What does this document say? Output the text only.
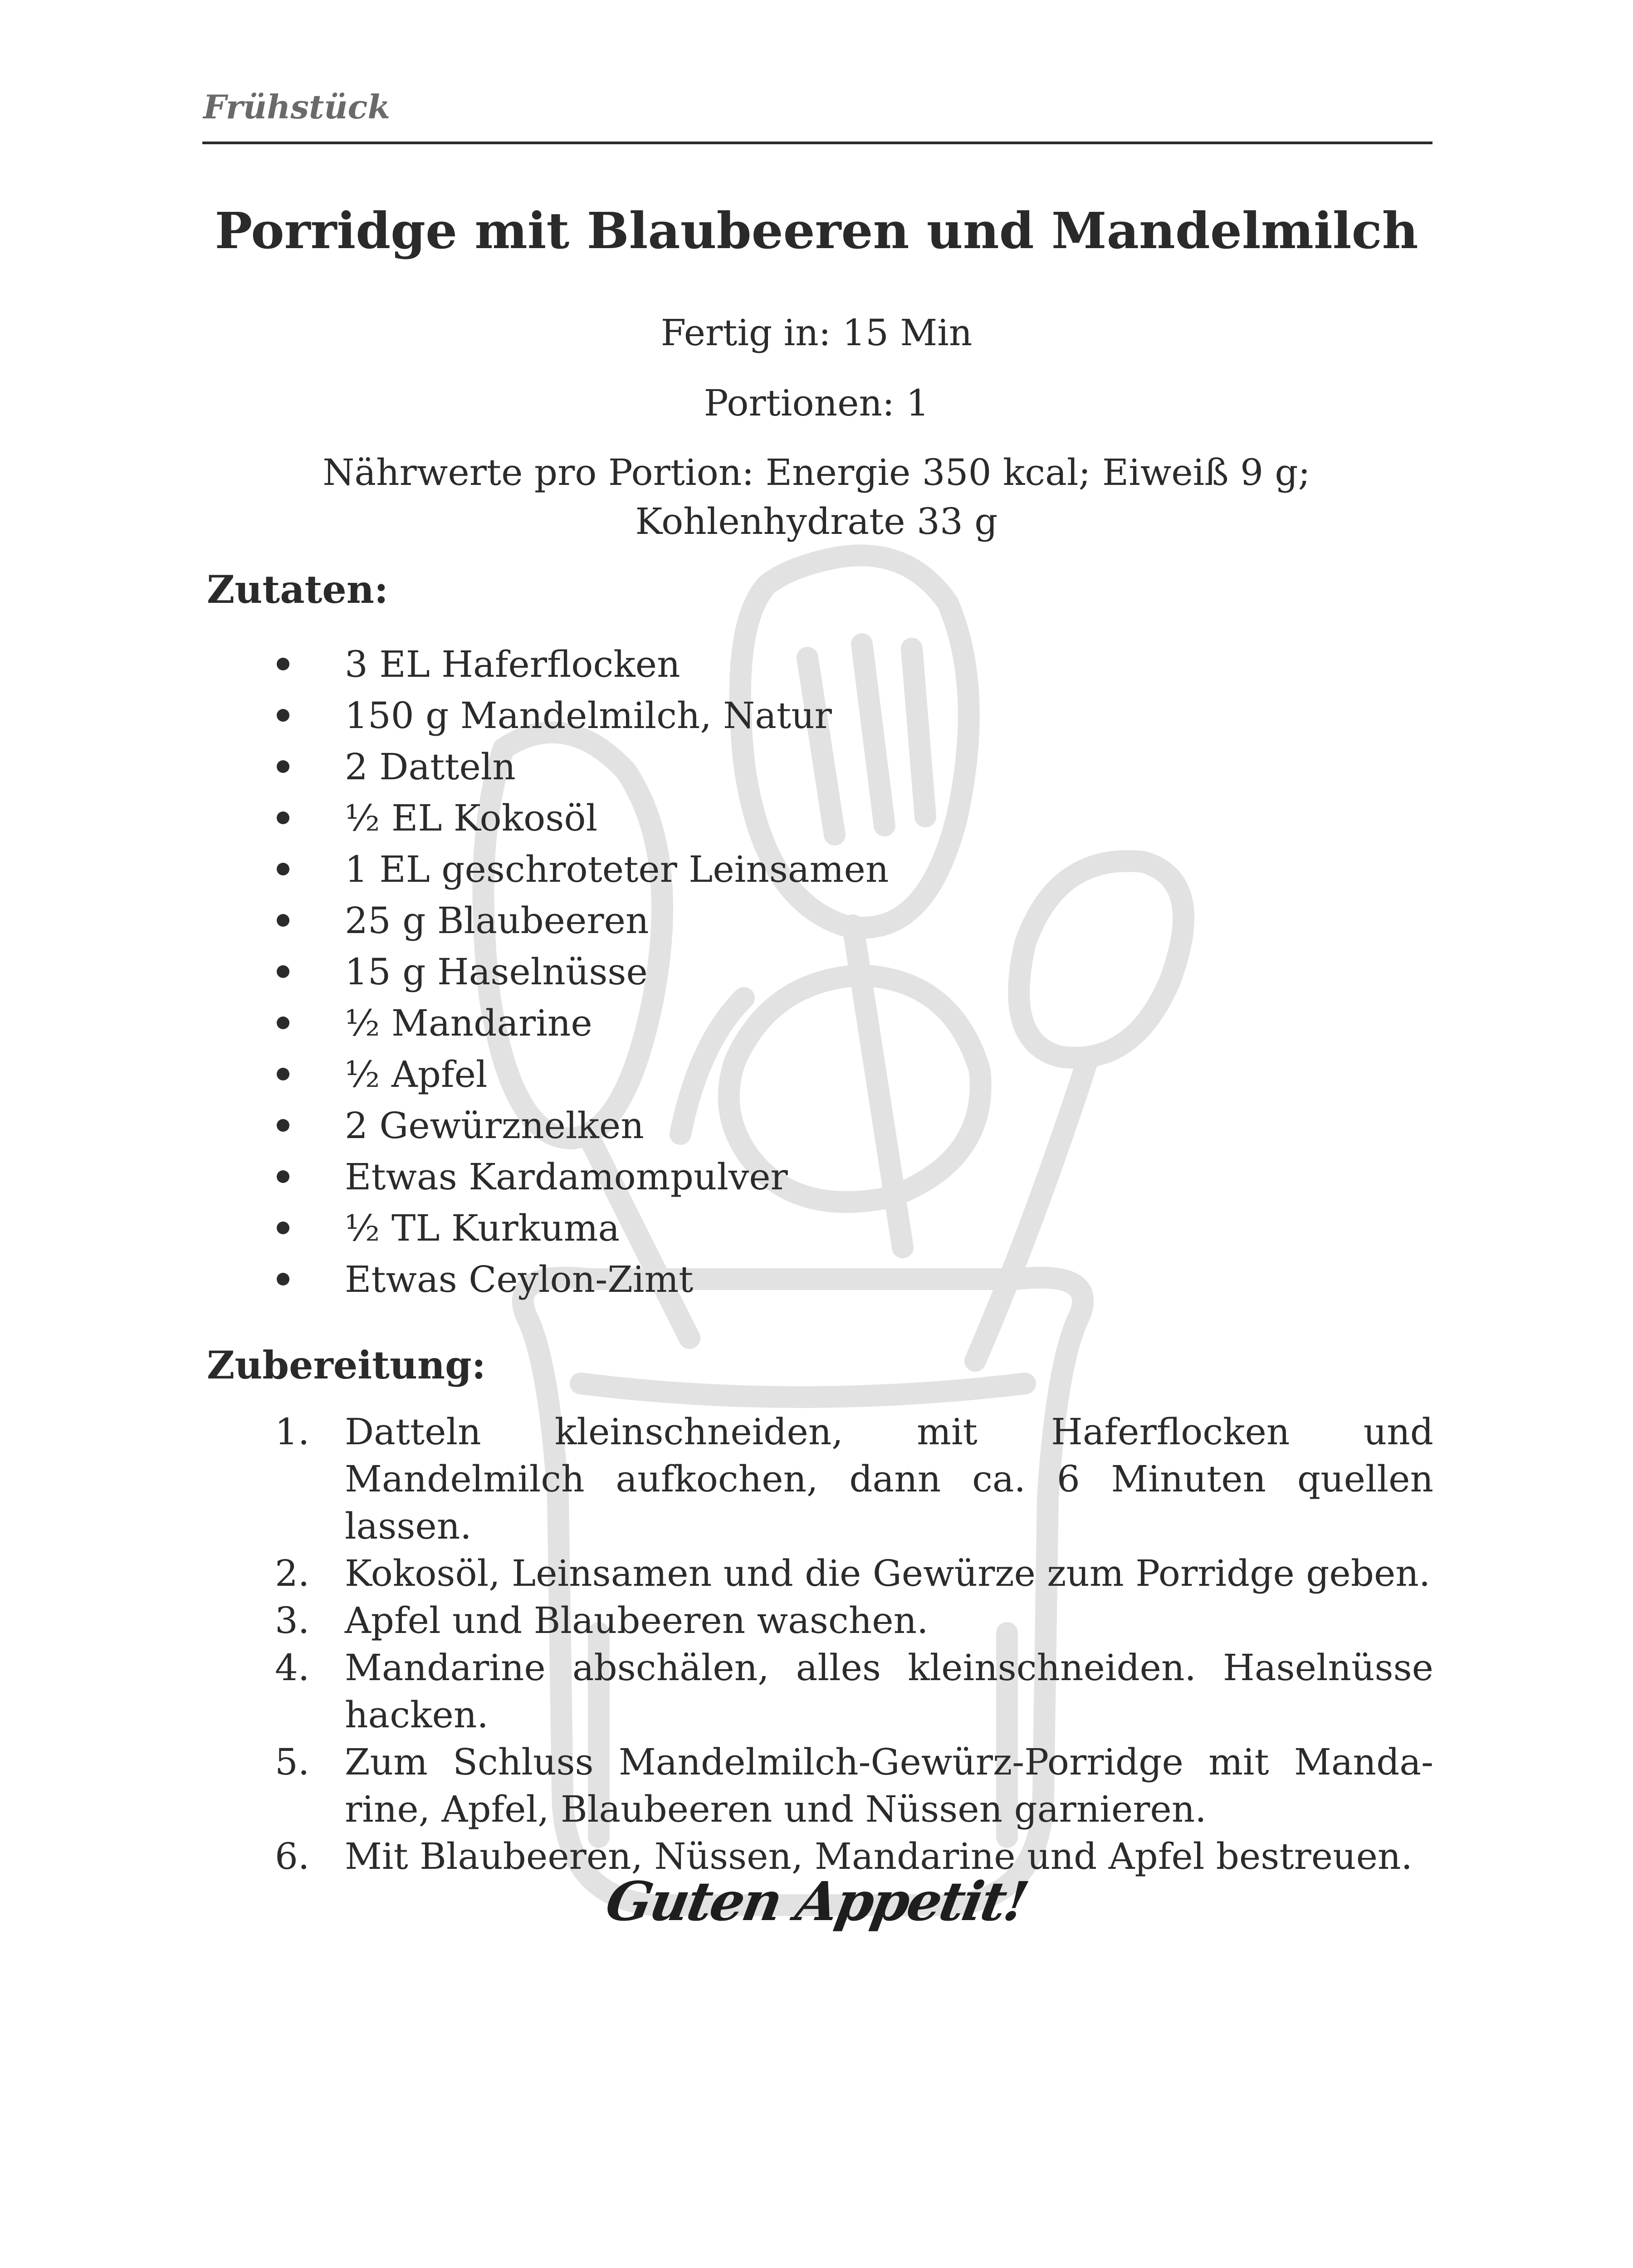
Frühstück
Porridge mit Blaubeeren und Mandelmilch
Fertig in: 15 Min
Portionen: 1
Nährwerte pro Portion: Energie 350 kcal; Eiweiß 9 g;
Kohlenhydrate 33 g
Zutaten:
3 EL Haferflocken
150 g Mandelmilch, Natur
2 Datteln
½ EL Kokosöl
1 EL geschroteter Leinsamen
25 g Blaubeeren
15 g Haselnüsse
½ Mandarine
½ Apfel
2 Gewürznelken
Etwas Kardamompulver
½ TL Kurkuma
Etwas Ceylon-Zimt
Zubereitung:
1. Datteln kleinschneiden, mit Haferflocken und Mandelmilch aufkochen, dann ca. 6 Minuten quellen lassen.
2. Kokosöl, Leinsamen und die Gewürze zum Porridge geben.
3. Apfel und Blaubeeren waschen.
4. Mandarine abschälen, alles kleinschneiden. Haselnüsse hacken.
5. Zum Schluss Mandelmilch-Gewürz-Porridge mit Mandarine, Apfel, Blaubeeren und Nüssen garnieren.
6. Mit Blaubeeren, Nüssen, Mandarine und Apfel bestreuen.
Guten Appetit!
